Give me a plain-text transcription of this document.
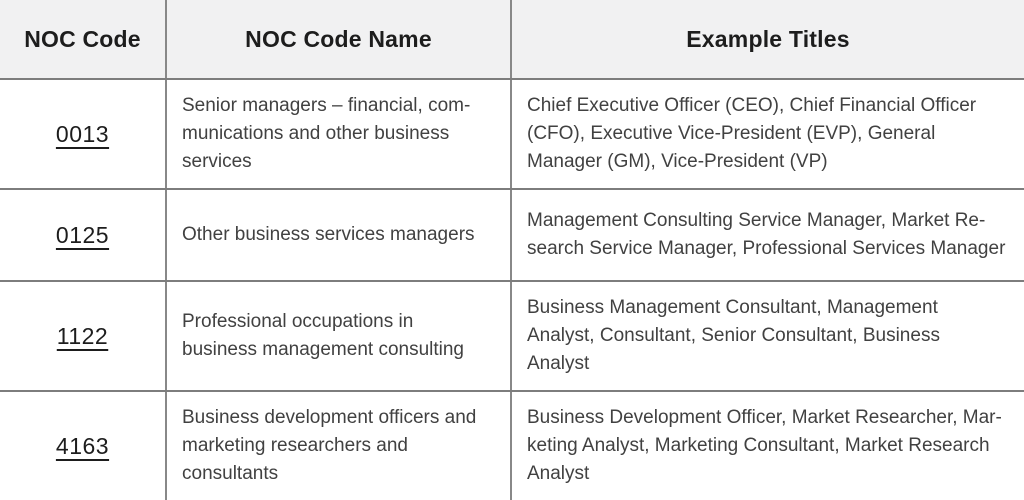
NOC Code	NOC Code Name	Example Titles
0013	Senior managers – financial, communications and other business services	Chief Executive Officer (CEO), Chief Financial Officer (CFO), Executive Vice-President (EVP), General Manager (GM), Vice-President (VP)
0125	Other business services managers	Management Consulting Service Manager, Market Research Service Manager, Professional Services Manager
1122	Professional occupations in business management consulting	Business Management Consultant, Management Analyst, Consultant, Senior Consultant, Business Analyst
4163	Business development officers and marketing researchers and consultants	Business Development Officer, Market Researcher, Marketing Analyst, Marketing Consultant, Market Research Analyst
